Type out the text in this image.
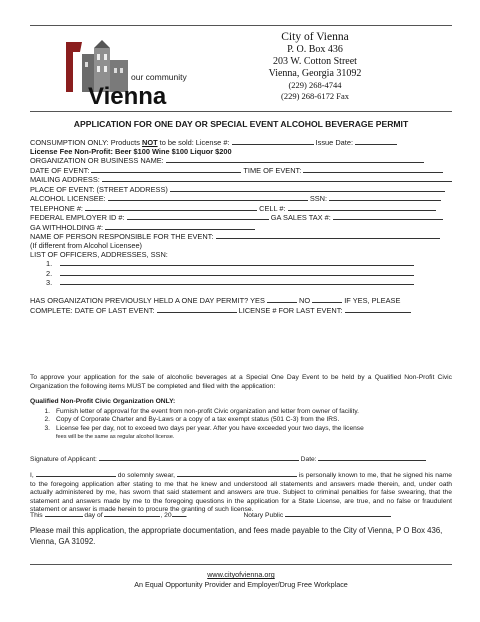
our community
Vienna
City of Vienna
P. O. Box 436
203 W. Cotton Street
Vienna, Georgia 31092
(229) 268-4744
(229) 268-6172 Fax
APPLICATION FOR ONE DAY OR SPECIAL EVENT ALCOHOL BEVERAGE PERMIT
CONSUMPTION ONLY: Products NOT to be sold: License #:	Issue Date:
License Fee Non-Profit: Beer $100 Wine $100 Liquor $200
ORGANIZATION OR BUSINESS NAME:
DATE OF EVENT:	TIME OF EVENT:
MAILING ADDRESS:
PLACE OF EVENT: (STREET ADDRESS)
ALCOHOL LICENSEE:	SSN:
TELEPHONE #:	CELL #:
FEDERAL EMPLOYER ID #:	GA SALES TAX #:
GA WITHHOLDING #:
NAME OF PERSON RESPONSIBLE FOR THE EVENT:
(If different from Alcohol Licensee)
LIST OF OFFICERS, ADDRESSES, SSN:
1.
2.
3.

HAS ORGANIZATION PREVIOUSLY HELD A ONE DAY PERMIT? YES	NO	IF YES, PLEASE
COMPLETE: DATE OF LAST EVENT:	LICENSE # FOR LAST EVENT:
To approve your application for the sale of alcoholic beverages at a Special One Day Event to be held by a Qualified Non-Profit Civic Organization the following items MUST be completed and filed with the application:
Qualified Non-Profit Civic Organization ONLY:
1. Furnish letter of approval for the event from non-profit Civic organization and letter from owner of facility.
2. Copy of Corporate Charter and By-Laws or a copy of a tax exempt status (501 C-3) from the IRS.
3. License fee per day, not to exceed two days per year. After you have exceeded your two days, the license
fees will be the same as regular alcohol license.
Signature of Applicant:	Date:
I,	do solemnly swear,	is personally known to me, that he signed his name to the foregoing application after stating to me that he knew and understood all statements and answers made therein, and, under oath actually administered by me, has sworn that said statement and answers are true. Subject to criminal penalties for false swearing, that the statement and answers made by me to the foregoing questions in the application for a State License, are true, and no false or fraudulent statement or answer is made herein to procure the granting of such license.
This	day of	, 20 .	Notary Public
Please mail this application, the appropriate documentation, and fees made payable to the City of Vienna, P O Box 436, Vienna, GA 31092.
www.cityofvienna.org
An Equal Opportunity Provider and Employer/Drug Free Workplace
